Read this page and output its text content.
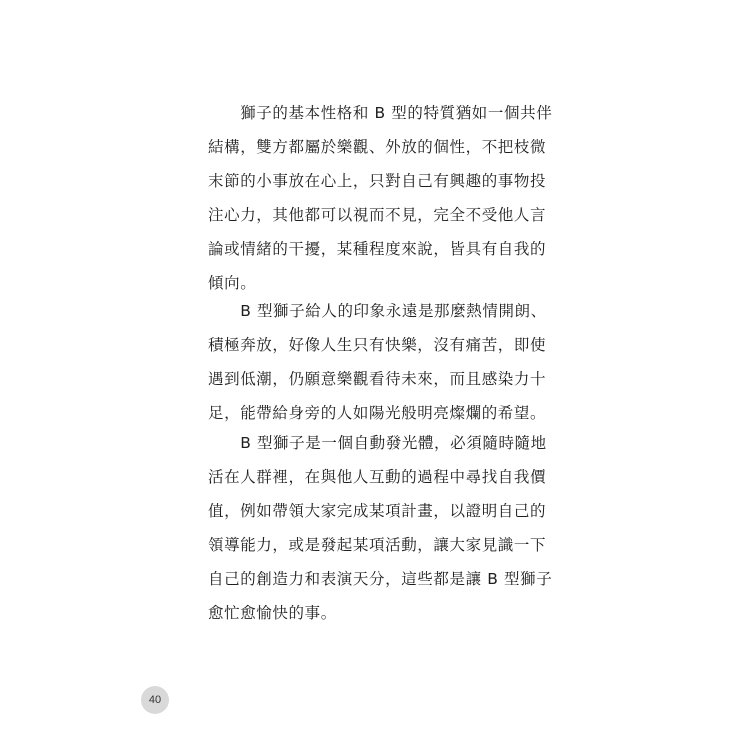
　　獅子的基本性格和 B 型的特質猶如一個共伴
結構，雙方都屬於樂觀、外放的個性，不把枝微
末節的小事放在心上，只對自己有興趣的事物投
注心力，其他都可以視而不見，完全不受他人言
論或情緒的干擾，某種程度來說，皆具有自我的
傾向。
　　B 型獅子給人的印象永遠是那麼熱情開朗、
積極奔放，好像人生只有快樂，沒有痛苦，即使
遇到低潮，仍願意樂觀看待未來，而且感染力十
足，能帶給身旁的人如陽光般明亮燦爛的希望。
　　B 型獅子是一個自動發光體，必須隨時隨地
活在人群裡，在與他人互動的過程中尋找自我價
值，例如帶領大家完成某項計畫，以證明自己的
領導能力，或是發起某項活動，讓大家見識一下
自己的創造力和表演天分，這些都是讓 B 型獅子
愈忙愈愉快的事。
40
